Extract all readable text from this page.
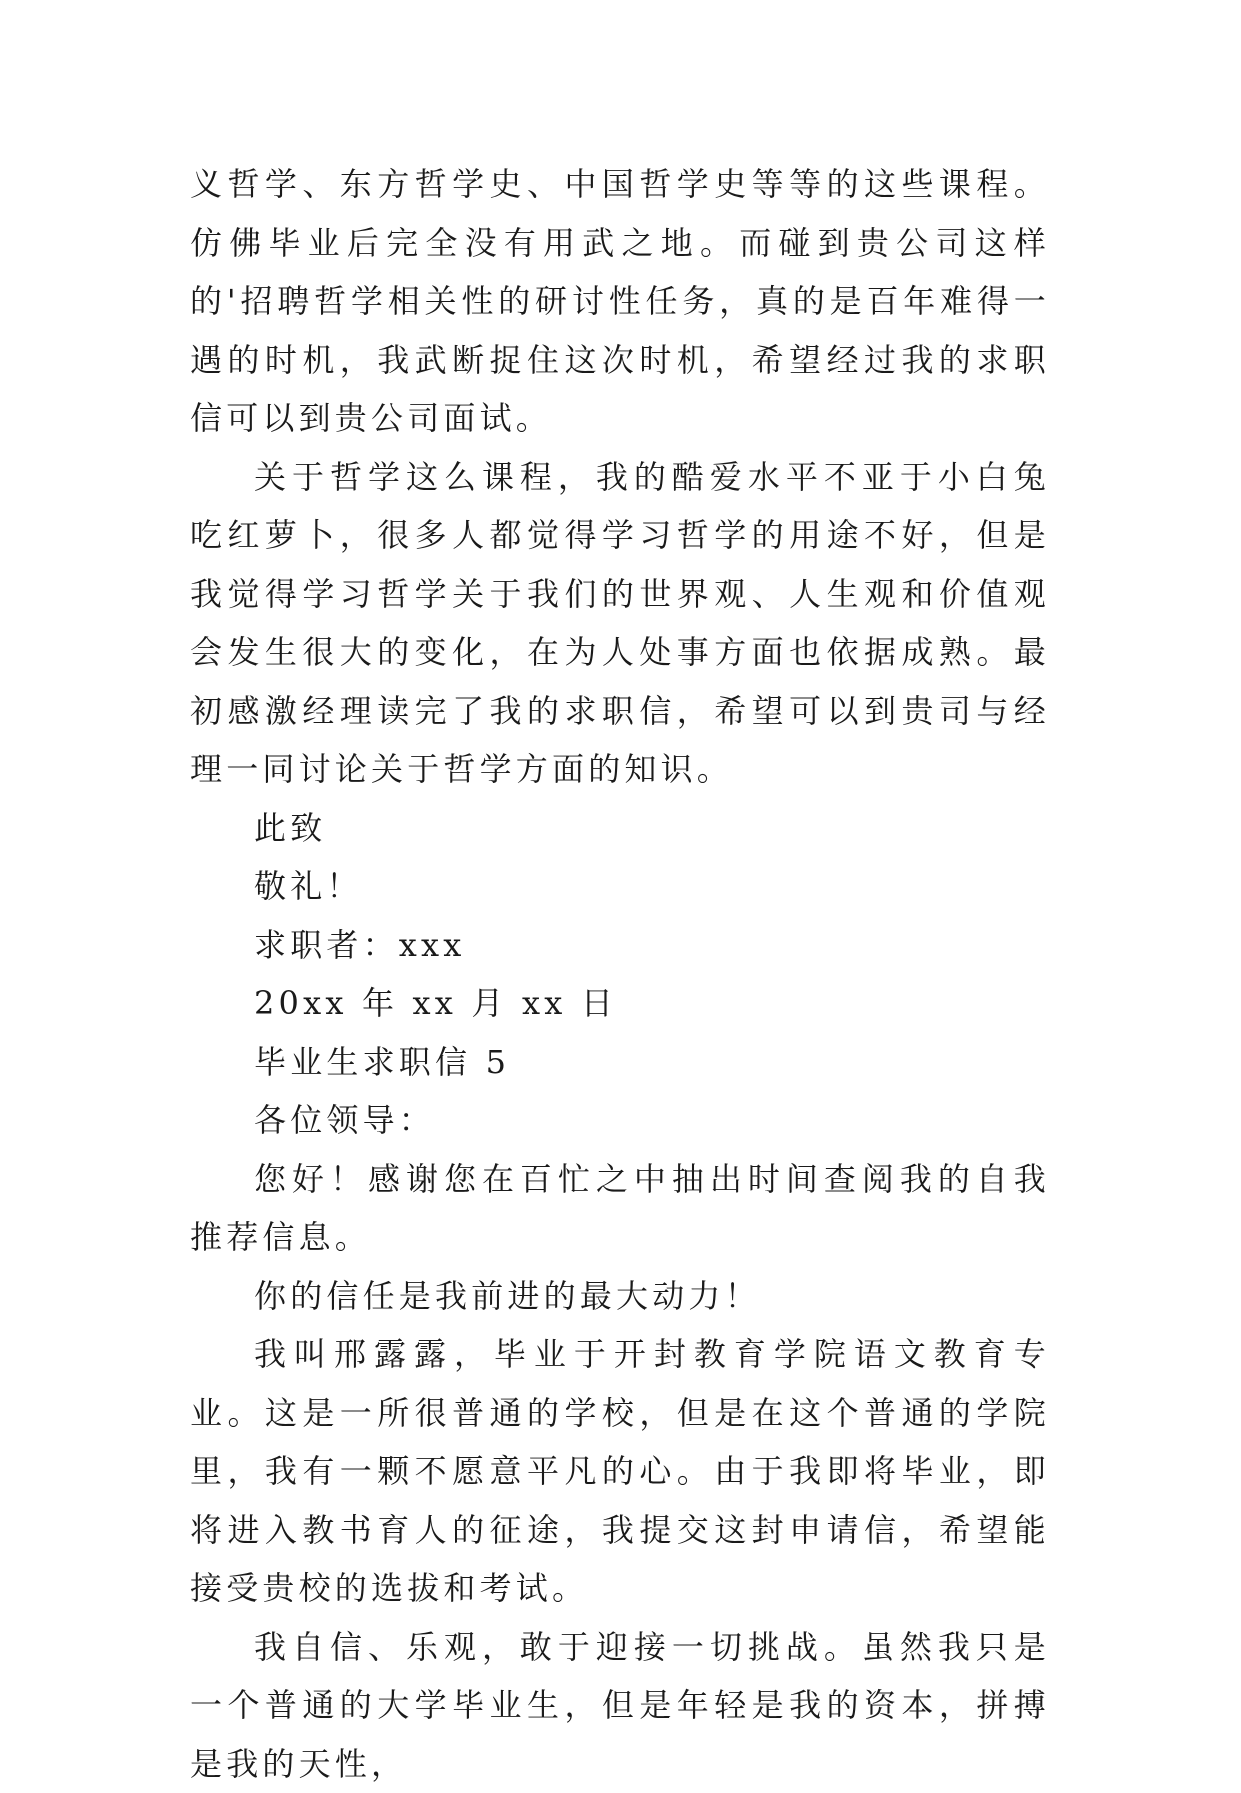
义哲学、东方哲学史、中国哲学史等等的这些课程。仿佛毕业后完全没有用武之地。而碰到贵公司这样的'招聘哲学相关性的研讨性任务，真的是百年难得一遇的时机，我武断捉住这次时机，希望经过我的求职信可以到贵公司面试。

关于哲学这么课程，我的酷爱水平不亚于小白兔吃红萝卜，很多人都觉得学习哲学的用途不好，但是我觉得学习哲学关于我们的世界观、人生观和价值观会发生很大的变化，在为人处事方面也依据成熟。最初感激经理读完了我的求职信，希望可以到贵司与经理一同讨论关于哲学方面的知识。

此致

敬礼！

求职者：xxx

20xx 年 xx 月 xx 日

毕业生求职信 5

各位领导：

您好！感谢您在百忙之中抽出时间查阅我的自我推荐信息。

你的信任是我前进的最大动力！

我叫邢露露，毕业于开封教育学院语文教育专业。这是一所很普通的学校，但是在这个普通的学院里，我有一颗不愿意平凡的心。由于我即将毕业，即将进入教书育人的征途，我提交这封申请信，希望能接受贵校的选拔和考试。

我自信、乐观，敢于迎接一切挑战。虽然我只是一个普通的大学毕业生，但是年轻是我的资本，拼搏是我的天性，
